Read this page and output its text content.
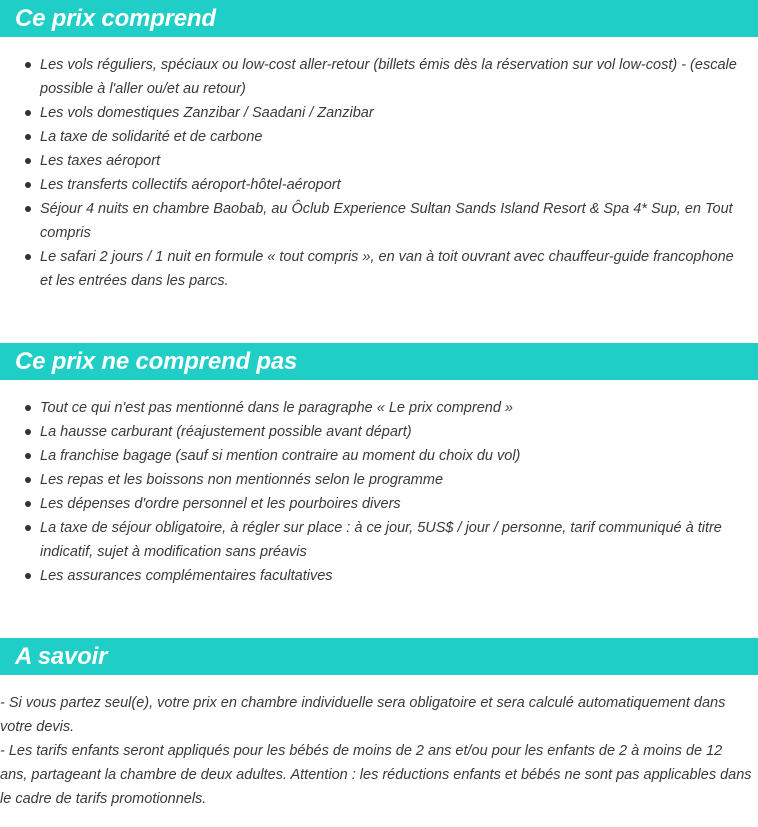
Ce prix comprend
Les vols réguliers, spéciaux ou low-cost aller-retour (billets émis dès la réservation sur vol low-cost) - (escale possible à l'aller ou/et au retour)
Les vols domestiques Zanzibar / Saadani / Zanzibar
La taxe de solidarité et de carbone
Les taxes aéroport
Les transferts collectifs aéroport-hôtel-aéroport
Séjour 4 nuits en chambre Baobab, au Ôclub Experience Sultan Sands Island Resort & Spa 4* Sup, en Tout compris
Le safari 2 jours / 1 nuit en formule « tout compris », en van à toit ouvrant avec chauffeur-guide francophone et les entrées dans les parcs.
Ce prix ne comprend pas
Tout ce qui n'est pas mentionné dans le paragraphe « Le prix comprend »
La hausse carburant (réajustement possible avant départ)
La franchise bagage (sauf si mention contraire au moment du choix du vol)
Les repas et les boissons non mentionnés selon le programme
Les dépenses d'ordre personnel et les pourboires divers
La taxe de séjour obligatoire, à régler sur place : à ce jour, 5US$ / jour / personne, tarif communiqué à titre indicatif, sujet à modification sans préavis
Les assurances complémentaires facultatives
A savoir

- Si vous partez seul(e), votre prix en chambre individuelle sera obligatoire et sera calculé automatiquement dans votre devis.

- Les tarifs enfants seront appliqués pour les bébés de moins de 2 ans et/ou pour les enfants de 2 à moins de 12 ans, partageant la chambre de deux adultes. Attention : les réductions enfants et bébés ne sont pas applicables dans le cadre de tarifs promotionnels.
